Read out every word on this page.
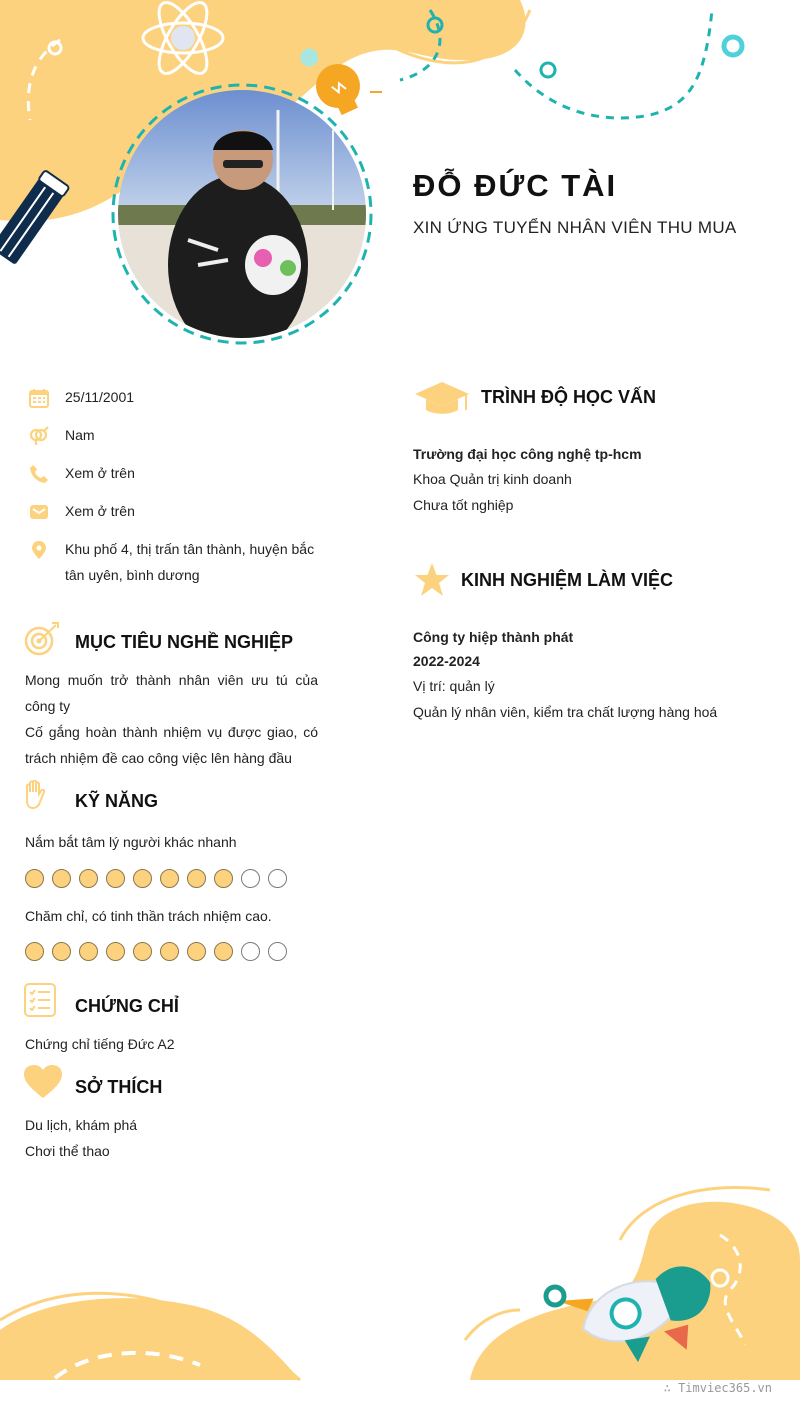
ĐỖ ĐỨC TÀI
XIN ỨNG TUYỂN NHÂN VIÊN THU MUA
25/11/2001
Nam
Xem ở trên
Xem ở trên
Khu phố 4, thị trấn tân thành, huyện bắc tân uyên, bình dương
MỤC TIÊU NGHỀ NGHIỆP
Mong muốn trở thành nhân viên ưu tú của công ty
Cố gắng hoàn thành nhiệm vụ được giao, có trách nhiệm đề cao công việc lên hàng đầu
KỸ NĂNG
Nắm bắt tâm lý người khác nhanh
Chăm chỉ, có tinh thần trách nhiệm cao.
CHỨNG CHỈ
Chứng chỉ tiếng Đức A2
SỞ THÍCH
Du lịch, khám phá
Chơi thể thao
TRÌNH ĐỘ HỌC VẤN
Trường đại học công nghệ tp-hcm
Khoa Quản trị kinh doanh
Chưa tốt nghiệp
KINH NGHIỆM LÀM VIỆC
Công ty hiệp thành phát
2022-2024
Vị trí: quản lý
Quản lý nhân viên, kiểm tra chất lượng hàng hoá
∴ Timviec365.vn
